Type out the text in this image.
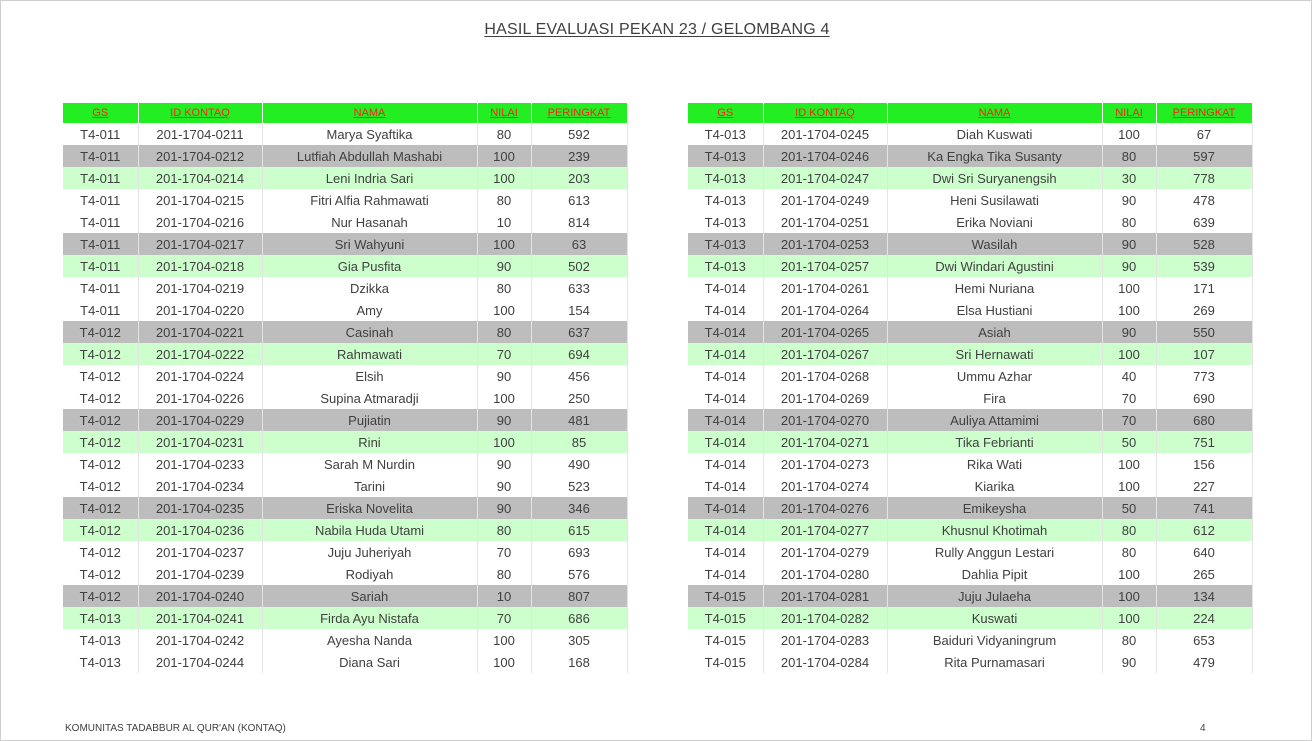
HASIL EVALUASI PEKAN 23 / GELOMBANG 4
GS	ID KONTAQ	NAMA	NILAI	PERINGKAT
T4-011	201-1704-0211	Marya Syaftika	80	592
T4-011	201-1704-0212	Lutfiah Abdullah Mashabi	100	239
T4-011	201-1704-0214	Leni Indria Sari	100	203
T4-011	201-1704-0215	Fitri Alfia Rahmawati	80	613
T4-011	201-1704-0216	Nur Hasanah	10	814
T4-011	201-1704-0217	Sri Wahyuni	100	63
T4-011	201-1704-0218	Gia Pusfita	90	502
T4-011	201-1704-0219	Dzikka	80	633
T4-011	201-1704-0220	Amy	100	154
T4-012	201-1704-0221	Casinah	80	637
T4-012	201-1704-0222	Rahmawati	70	694
T4-012	201-1704-0224	Elsih	90	456
T4-012	201-1704-0226	Supina Atmaradji	100	250
T4-012	201-1704-0229	Pujiatin	90	481
T4-012	201-1704-0231	Rini	100	85
T4-012	201-1704-0233	Sarah M Nurdin	90	490
T4-012	201-1704-0234	Tarini	90	523
T4-012	201-1704-0235	Eriska Novelita	90	346
T4-012	201-1704-0236	Nabila Huda Utami	80	615
T4-012	201-1704-0237	Juju Juheriyah	70	693
T4-012	201-1704-0239	Rodiyah	80	576
T4-012	201-1704-0240	Sariah	10	807
T4-013	201-1704-0241	Firda Ayu Nistafa	70	686
T4-013	201-1704-0242	Ayesha Nanda	100	305
T4-013	201-1704-0244	Diana Sari	100	168
GS	ID KONTAQ	NAMA	NILAI	PERINGKAT
T4-013	201-1704-0245	Diah Kuswati	100	67
T4-013	201-1704-0246	Ka Engka Tika Susanty	80	597
T4-013	201-1704-0247	Dwi Sri Suryanengsih	30	778
T4-013	201-1704-0249	Heni Susilawati	90	478
T4-013	201-1704-0251	Erika Noviani	80	639
T4-013	201-1704-0253	Wasilah	90	528
T4-013	201-1704-0257	Dwi Windari Agustini	90	539
T4-014	201-1704-0261	Hemi Nuriana	100	171
T4-014	201-1704-0264	Elsa Hustiani	100	269
T4-014	201-1704-0265	Asiah	90	550
T4-014	201-1704-0267	Sri Hernawati	100	107
T4-014	201-1704-0268	Ummu Azhar	40	773
T4-014	201-1704-0269	Fira	70	690
T4-014	201-1704-0270	Auliya Attamimi	70	680
T4-014	201-1704-0271	Tika Febrianti	50	751
T4-014	201-1704-0273	Rika Wati	100	156
T4-014	201-1704-0274	Kiarika	100	227
T4-014	201-1704-0276	Emikeysha	50	741
T4-014	201-1704-0277	Khusnul Khotimah	80	612
T4-014	201-1704-0279	Rully Anggun Lestari	80	640
T4-014	201-1704-0280	Dahlia Pipit	100	265
T4-015	201-1704-0281	Juju Julaeha	100	134
T4-015	201-1704-0282	Kuswati	100	224
T4-015	201-1704-0283	Baiduri Vidyaningrum	80	653
T4-015	201-1704-0284	Rita Purnamasari	90	479
KOMUNITAS TADABBUR AL QUR'AN (KONTAQ)	4
